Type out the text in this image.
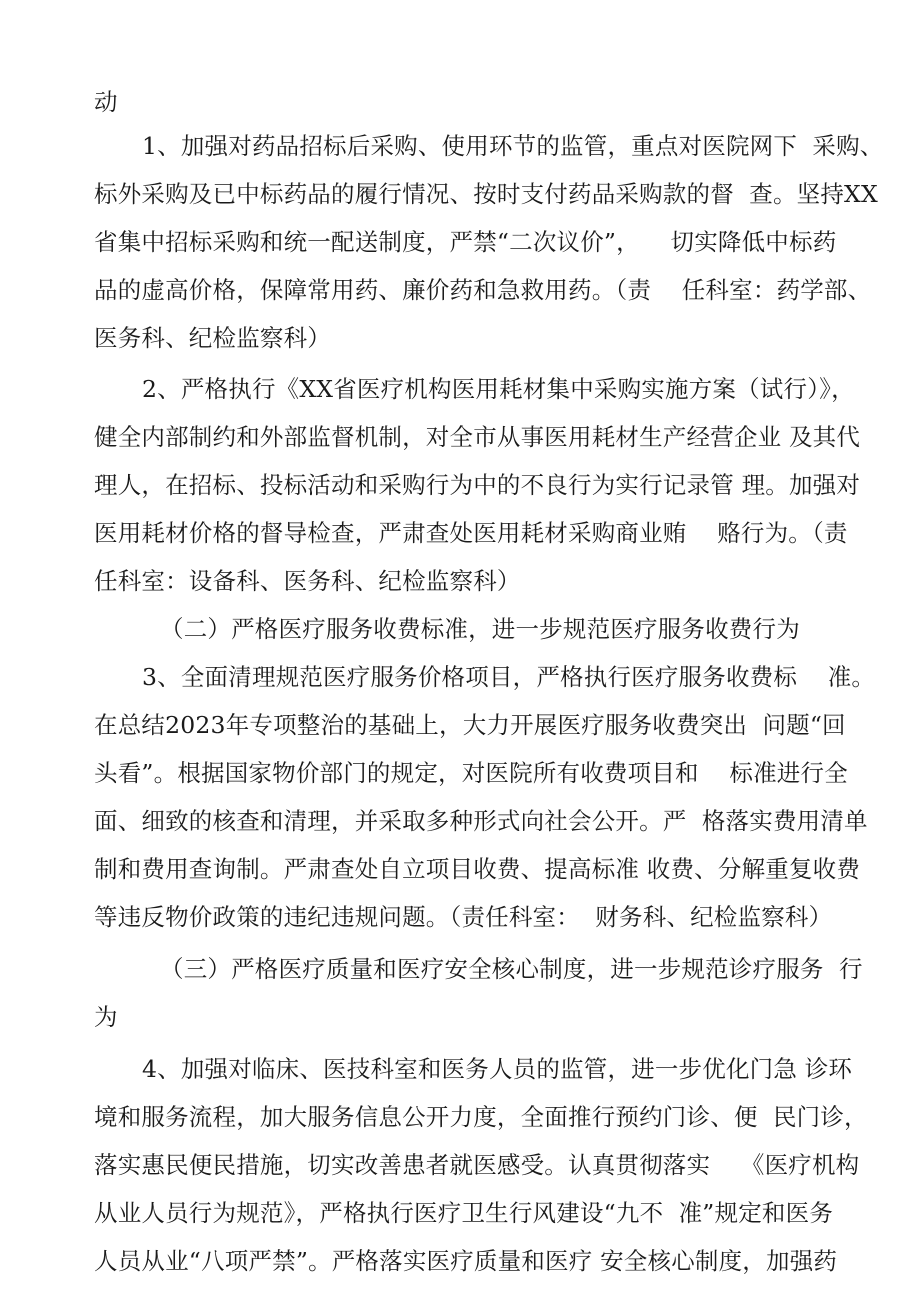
动
1、加强对药品招标后采购、使用环节的监管，重点对医院网下  采购、
标外采购及已中标药品的履行情况、按时支付药品采购款的督  查。坚持XX
省集中招标采购和统一配送制度，严禁“二次议价”，    切实降低中标药
品的虚高价格，保障常用药、廉价药和急救用药。（责    任科室：药学部、
医务科、纪检监察科）
2、严格执行《XX省医疗机构医用耗材集中采购实施方案（试行）》，
健全内部制约和外部监督机制，对全市从事医用耗材生产经营企业 及其代
理人，在招标、投标活动和采购行为中的不良行为实行记录管 理。加强对
医用耗材价格的督导检查，严肃查处医用耗材采购商业贿    赂行为。（责
任科室：设备科、医务科、纪检监察科）
（二）严格医疗服务收费标准，进一步规范医疗服务收费行为
3、全面清理规范医疗服务价格项目，严格执行医疗服务收费标    准。
在总结2023年专项整治的基础上，大力开展医疗服务收费突出  问题“回
头看”。根据国家物价部门的规定，对医院所有收费项目和    标准进行全
面、细致的核查和清理，并采取多种形式向社会公开。严  格落实费用清单
制和费用查询制。严肃查处自立项目收费、提高标准 收费、分解重复收费
等违反物价政策的违纪违规问题。（责任科室：  财务科、纪检监察科）
（三）严格医疗质量和医疗安全核心制度，进一步规范诊疗服务  行
为
4、加强对临床、医技科室和医务人员的监管，进一步优化门急 诊环
境和服务流程，加大服务信息公开力度，全面推行预约门诊、便  民门诊，
落实惠民便民措施，切实改善患者就医感受。认真贯彻落实    《医疗机构
从业人员行为规范》，严格执行医疗卫生行风建设“九不  准”规定和医务
人员从业“八项严禁”。严格落实医疗质量和医疗 安全核心制度，加强药
